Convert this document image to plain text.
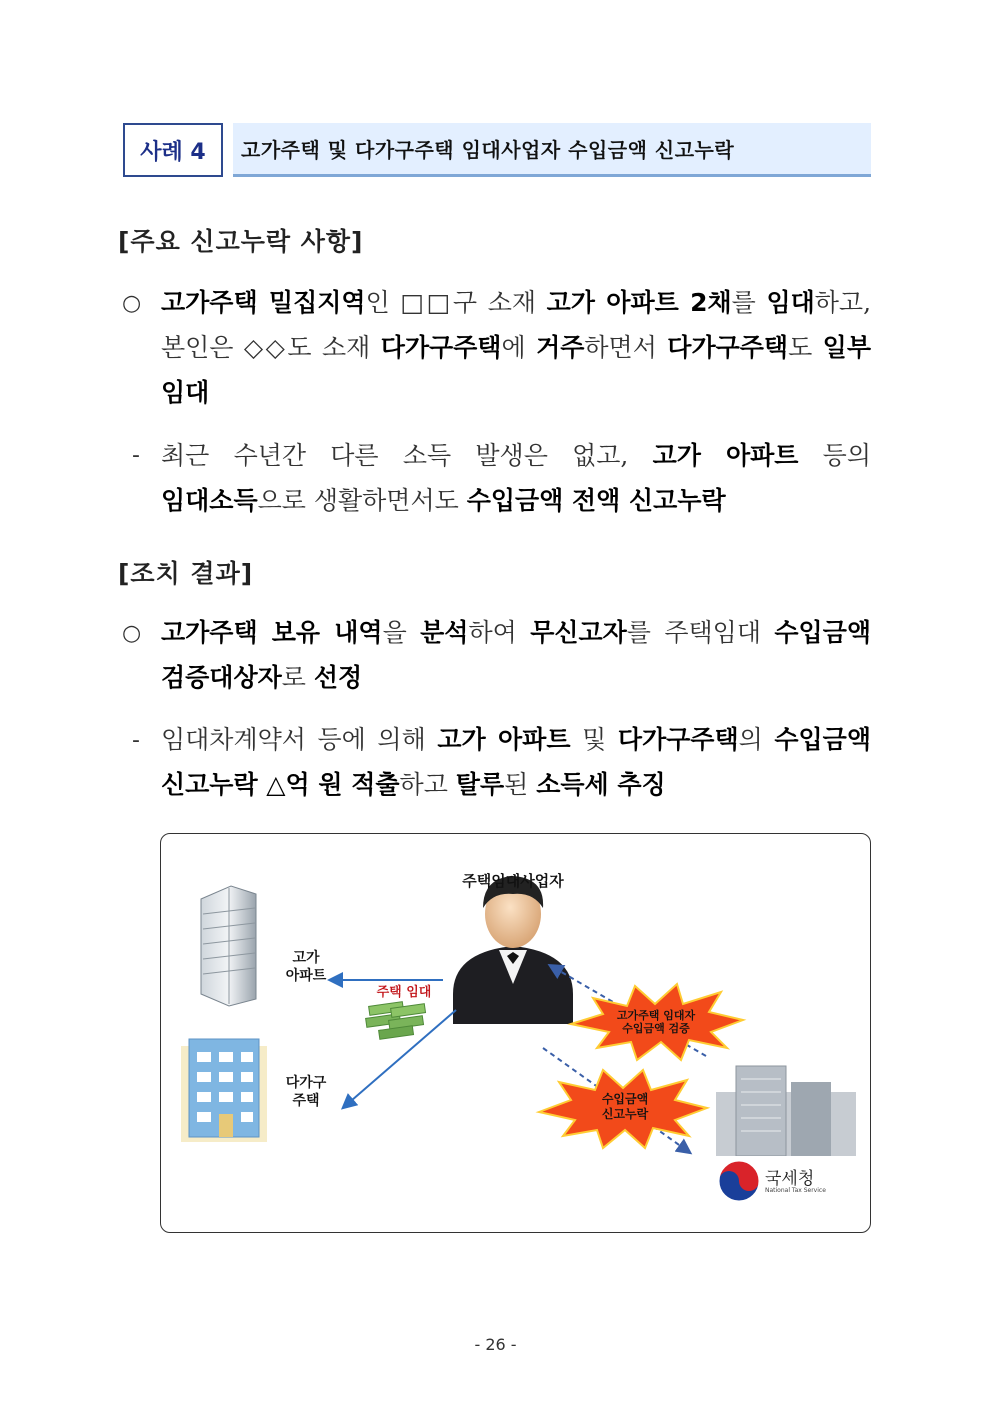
사례 4 고가주택 및 다가구주택 임대사업자 수입금액 신고누락
[주요 신고누락 사항]
○ 고가주택 밀집지역인 □□구 소재 고가 아파트 2채를 임대하고, 본인은 ◇◇도 소재 다가구주택에 거주하면서 다가구주택도 일부 임대
- 최근 수년간 다른 소득 발생은 없고, 고가 아파트 등의 임대소득으로 생활하면서도 수입금액 전액 신고누락
[조치 결과]
○ 고가주택 보유 내역을 분석하여 무신고자를 주택임대 수입금액 검증대상자로 선정
- 임대차계약서 등에 의해 고가 아파트 및 다가구주택의 수입금액 신고누락 △억 원 적출하고 탈루된 소득세 추징
주택임대사업자
고가
아파트
주택 임대
다가구
주택
고가주택 임대자
수입금액 검증
수입금액
신고누락
국세청
National Tax Service
- 26 -
